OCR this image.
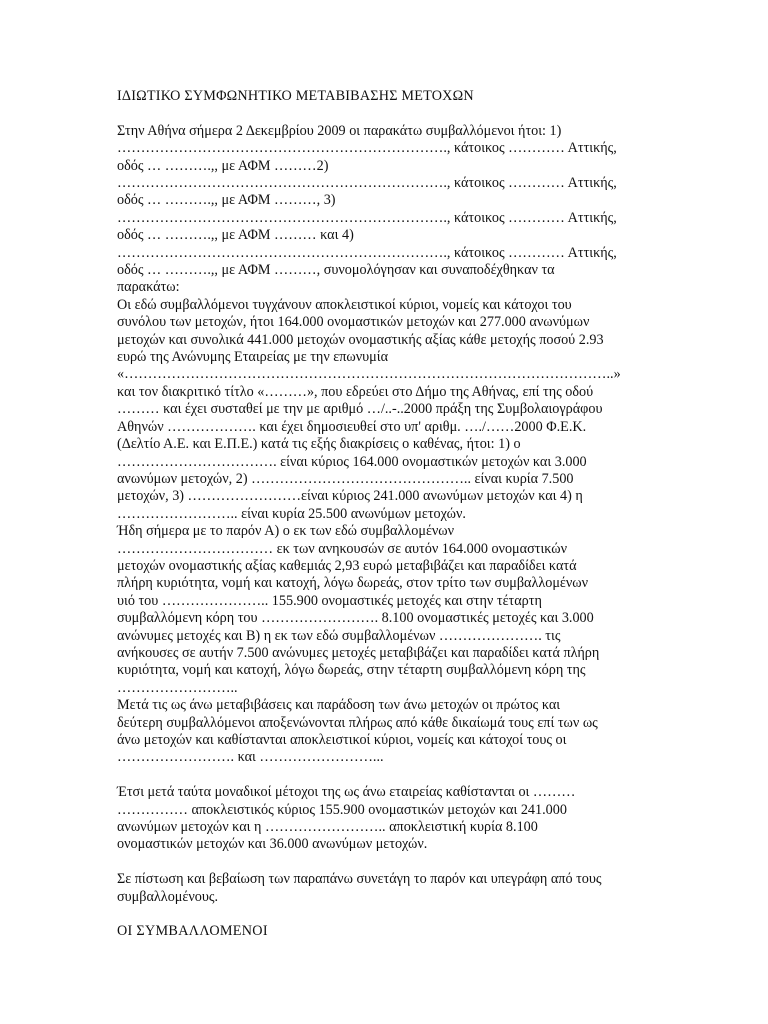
ΙΔΙΩΤΙΚΟ ΣΥΜΦΩΝΗΤΙΚΟ ΜΕΤΑΒΙΒΑΣΗΣ ΜΕΤΟΧΩΝ
Στην Αθήνα σήμερα 2 Δεκεμβρίου 2009 οι παρακάτω συμβαλλόμενοι ήτοι: 1)
……………………………………………………………., κάτοικος ………… Αττικής,
οδός … ……….,, με ΑΦΜ ………2)
……………………………………………………………., κάτοικος ………… Αττικής,
οδός … ……….,, με ΑΦΜ ………, 3)
……………………………………………………………., κάτοικος ………… Αττικής,
οδός … ……….,, με ΑΦΜ ……… και 4)
……………………………………………………………., κάτοικος ………… Αττικής,
οδός … ……….,, με ΑΦΜ ………, συνομολόγησαν και συναποδέχθηκαν τα
παρακάτω:
Οι εδώ συμβαλλόμενοι τυγχάνουν αποκλειστικοί κύριοι, νομείς και κάτοχοι του
συνόλου των μετοχών, ήτοι 164.000 ονομαστικών μετοχών και 277.000 ανωνύμων
μετοχών και συνολικά 441.000 μετοχών ονομαστικής αξίας κάθε μετοχής ποσού 2.93
ευρώ της Ανώνυμης Εταιρείας με την επωνυμία
«…………………………………………………………………………………………..»
και τον διακριτικό τίτλο «………», που εδρεύει στο Δήμο της Αθήνας, επί της οδού
……… και έχει συσταθεί με την με αριθμό …/..-..2000 πράξη της Συμβολαιογράφου
Αθηνών ………………. και έχει δημοσιευθεί στο υπ' αριθμ. …./……2000 Φ.Ε.Κ.
(Δελτίο Α.Ε. και Ε.Π.Ε.) κατά τις εξής διακρίσεις ο καθένας, ήτοι: 1) ο
……………………………. είναι κύριος 164.000 ονομαστικών μετοχών και 3.000
ανωνύμων μετοχών, 2) ……………………………………….. είναι κυρία 7.500
μετοχών, 3) ……………………είναι κύριος 241.000 ανωνύμων μετοχών και 4) η
…………………….. είναι κυρία 25.500 ανωνύμων μετοχών.
Ήδη σήμερα με το παρόν Α) ο εκ των εδώ συμβαλλομένων
…………………………… εκ των ανηκουσών σε αυτόν 164.000 ονομαστικών
μετοχών ονομαστικής αξίας καθεμιάς 2,93 ευρώ μεταβιβάζει και παραδίδει κατά
πλήρη κυριότητα, νομή και κατοχή, λόγω δωρεάς, στον τρίτο των συμβαλλομένων
υιό του ………………….. 155.900 ονομαστικές μετοχές και στην τέταρτη
συμβαλλόμενη κόρη του ……………………. 8.100 ονομαστικές μετοχές και 3.000
ανώνυμες μετοχές και Β) η εκ των εδώ συμβαλλομένων …………………. τις
ανήκουσες σε αυτήν 7.500 ανώνυμες μετοχές μεταβιβάζει και παραδίδει κατά πλήρη
κυριότητα, νομή και κατοχή, λόγω δωρεάς, στην τέταρτη συμβαλλόμενη κόρη της
……………………..
Μετά τις ως άνω μεταβιβάσεις και παράδοση των άνω μετοχών οι πρώτος και
δεύτερη συμβαλλόμενοι αποξενώνονται πλήρως από κάθε δικαίωμά τους επί των ως
άνω μετοχών και καθίστανται αποκλειστικοί κύριοι, νομείς και κάτοχοί τους οι
……………………. και ……………………...
Έτσι μετά ταύτα μοναδικοί μέτοχοι της ως άνω εταιρείας καθίστανται οι ………
…………… αποκλειστικός κύριος 155.900 ονομαστικών μετοχών και 241.000
ανωνύμων μετοχών και η …………………….. αποκλειστική κυρία 8.100
ονομαστικών μετοχών και 36.000 ανωνύμων μετοχών.
Σε πίστωση και βεβαίωση των παραπάνω συνετάγη το παρόν και υπεγράφη από τους
συμβαλλομένους.
ΟΙ ΣΥΜΒΑΛΛΟΜΕΝΟΙ
